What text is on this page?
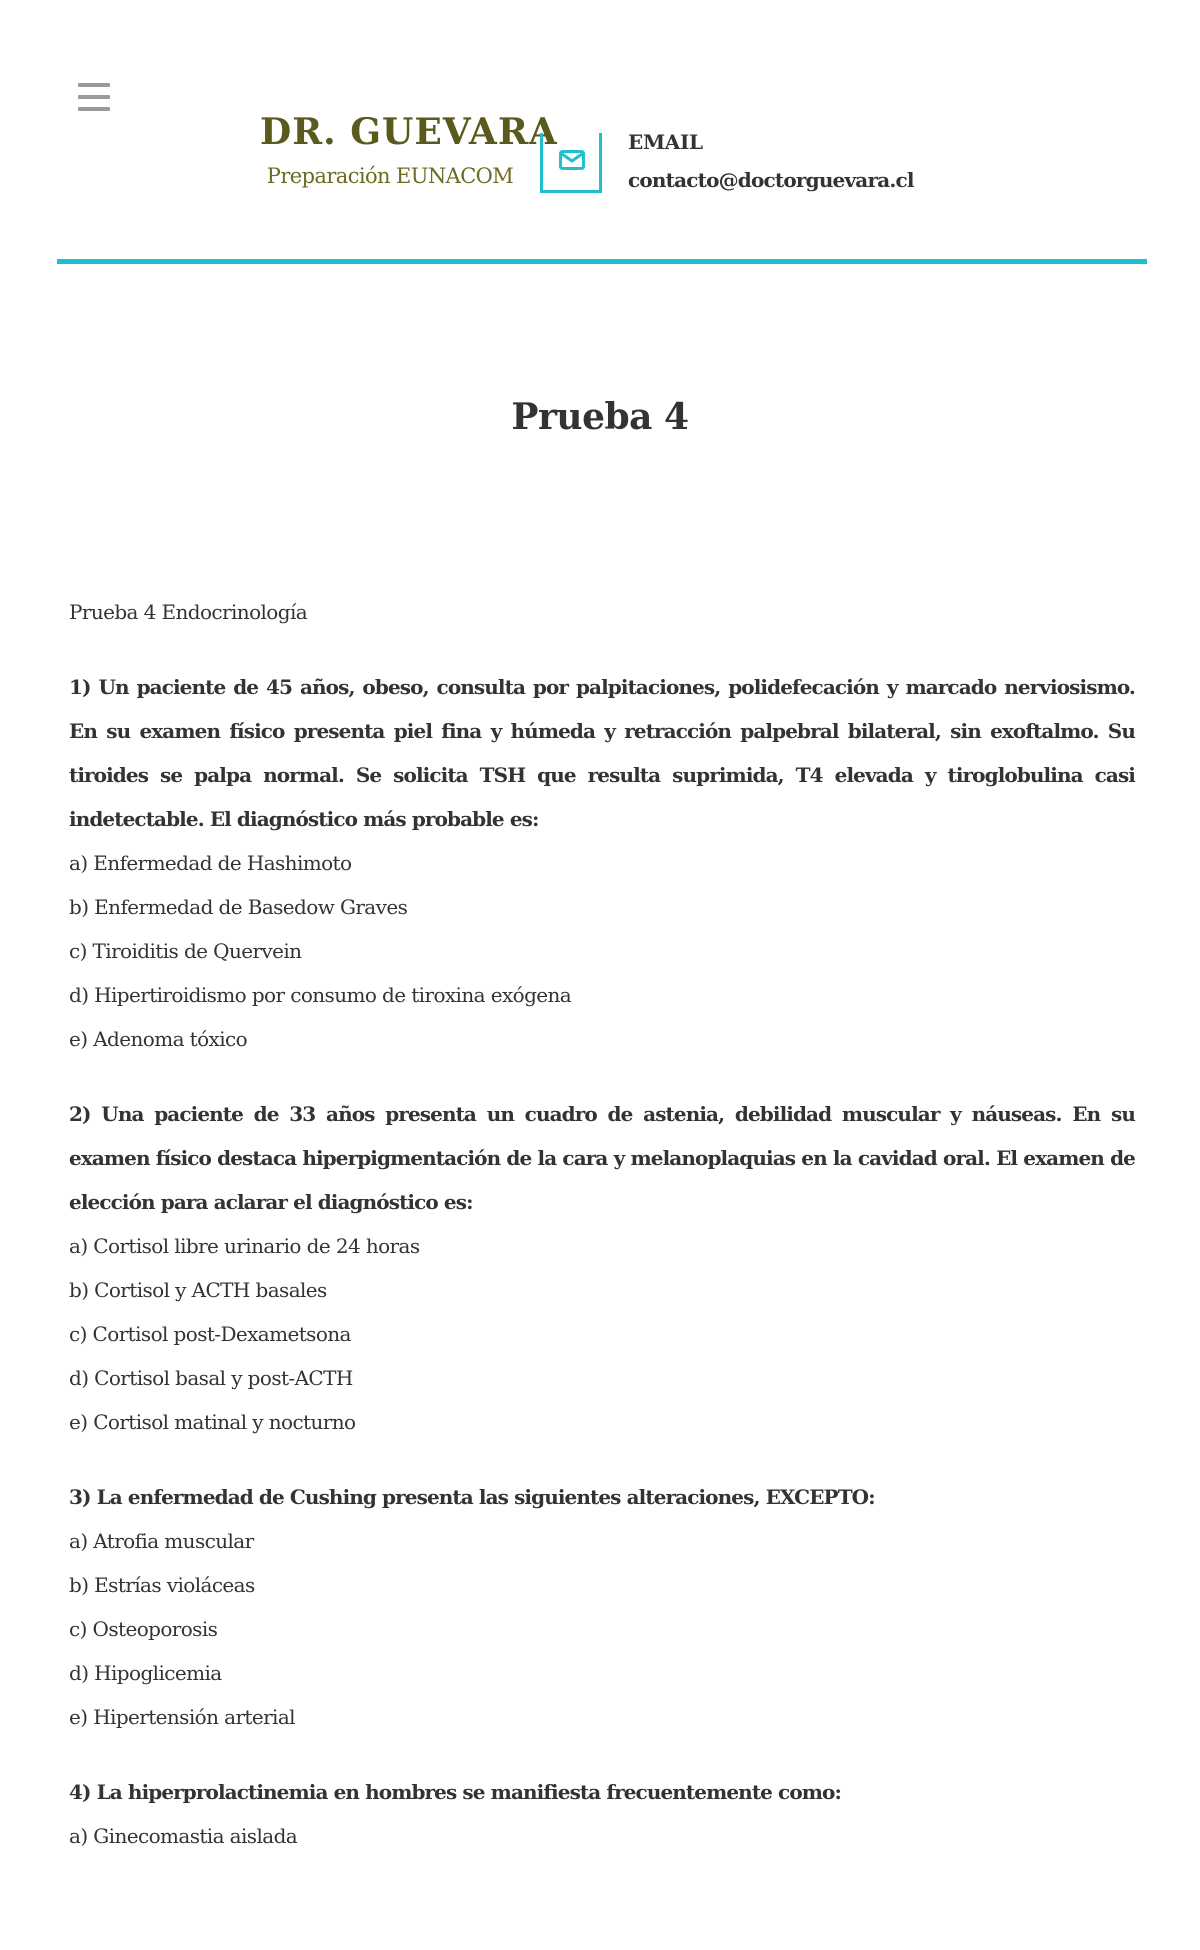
DR. GUEVARA
Preparación EUNACOM
EMAIL
contacto@doctorguevara.cl
Prueba 4
Prueba 4 Endocrinología

1) Un paciente de 45 años, obeso, consulta por palpitaciones, polidefecación y marcado nerviosismo. En su examen físico presenta piel fina y húmeda y retracción palpebral bilateral, sin exoftalmo. Su tiroides se palpa normal. Se solicita TSH que resulta suprimida, T4 elevada y tiroglobulina casi indetectable. El diagnóstico más probable es:

a) Enfermedad de Hashimoto
b) Enfermedad de Basedow Graves
c) Tiroiditis de Quervein
d) Hipertiroidismo por consumo de tiroxina exógena
e) Adenoma tóxico

2) Una paciente de 33 años presenta un cuadro de astenia, debilidad muscular y náuseas. En su examen físico destaca hiperpigmentación de la cara y melanoplaquias en la cavidad oral. El examen de elección para aclarar el diagnóstico es:

a) Cortisol libre urinario de 24 horas
b) Cortisol y ACTH basales
c) Cortisol post-Dexametsona
d) Cortisol basal y post-ACTH
e) Cortisol matinal y nocturno

3) La enfermedad de Cushing presenta las siguientes alteraciones, EXCEPTO:

a) Atrofia muscular
b) Estrías violáceas
c) Osteoporosis
d) Hipoglicemia
e) Hipertensión arterial

4) La hiperprolactinemia en hombres se manifiesta frecuentemente como:

a) Ginecomastia aislada
